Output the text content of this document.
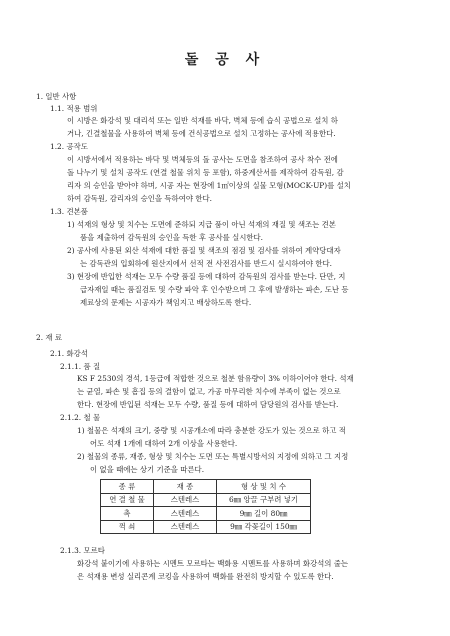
돌 공 사
1. 일반 사항
1.1. 적용 범위
이 시방은 화강석 및 대리석 또는 일반 석재를 바닥, 벽체 등에 습식 공법으로 설치 하
거나, 긴결철물을 사용하여 벽체 등에 건식공법으로 설치 고정하는 공사에 적용한다.
1.2. 공작도
이 시방서에서 적용하는 바닥 및 벽체등의 돌 공사는 도면을 참조하여 공사 착수 전에
돌 나누기 및 설치 공작도 (연결 철물 위치 등 포함), 하중계산서를 제작하여 감독원, 감
리자 의 승인을 받아야 하며, 시공 자는 현장에 1㎡이상의 실물 모형(MOCK-UP)를 설치
하여 감독원, 감리자의 승인을 득하여야 한다.
1.3. 견본품
1) 석재의 형상 및 치수는 도면에 준하되 지급 품이 아닌 석재의 재질 및 색조는 견본
품을 제출하여 감독원의 승인을 득한 후 공사를 실시한다.
2) 공사에 사용된 외산 석재에 대한 품질 및 색조의 점검 및 검사를 위하여 계약당대자
는 감독관의 입회하에 원산지에서 선적 전 사전검사를 반드시 실시하여야 한다.
3) 현장에 반입한 석재는 모두 수량 품질 등에 대하여 감독원의 검사를 받는다. 단만, 지
급자재일 때는 품질검토 및 수량 파악 후 인수받으며 그 후에 발생하는 파손, 도난 등
제료상의 문제는 시공자가 책임지고 배상하도록 한다.
2. 재 료
2.1. 화강석
2.1.1. 품 질
KS F 2530의 경석, 1등급에 적합한 것으로 철분 함유량이 3% 이하이어야 한다. 석재
는 균열, 파손 및 흠집 등의 결함이 없고, 가공 마무리한 치수에 부족이 없는 것으로
한다. 현장에 반입된 석재는 모두 수량, 품질 등에 대하여 담당원의 검사를 받는다.
2.1.2. 철 물
1) 철물은 석재의 크기, 중량 및 시공개소에 따라 충분한 강도가 있는 것으로 하고 적
어도 석재 1개에 대하여 2개 이상을 사용한다.
2) 철물의 종류, 재종, 형상 및 치수는 도면 또는 특별시방서의 지정에 의하고 그 지정
이 없을 때에는 상기 기준을 따른다.
종 류	재 종	형 상 및 치 수
연 결 철 물	스텐레스	6㎜ 앙끌 구부려 넣기
촉	스텐레스	9㎜ 길이 80㎜
꺽 쇠	스텐레스	9㎜ 각꽂길이 150㎜
2.1.3. 모르타
화강석 붙이기에 사용하는 시멘트 모르타는 백화용 시멘트를 사용하며 화강석의 줄는
은 석재용 변성 실리콘계 코킹을 사용하여 백화를 완전히 방지할 수 있도록 한다.
